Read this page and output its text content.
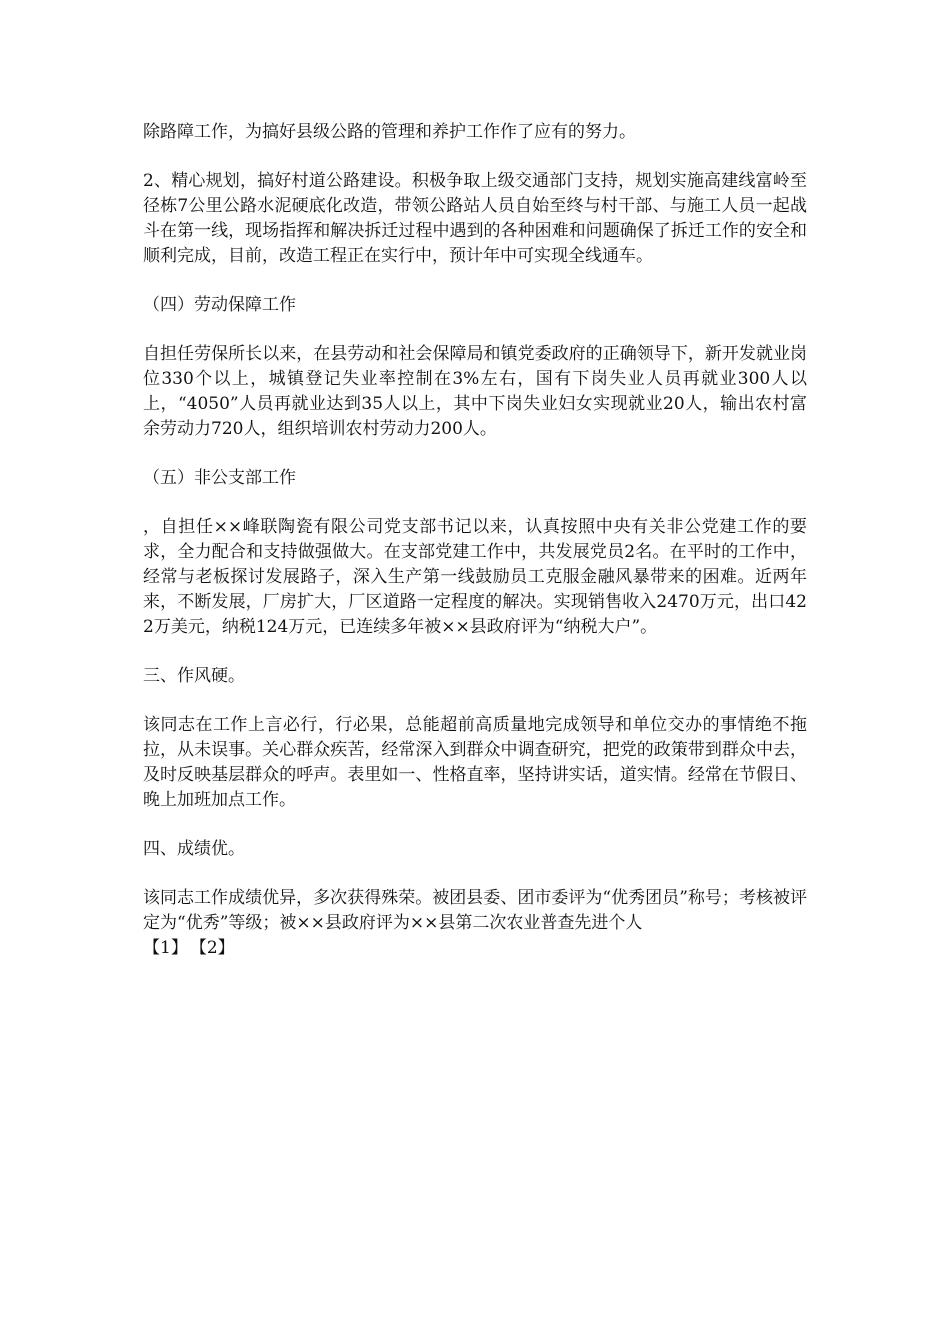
除路障工作，为搞好县级公路的管理和养护工作作了应有的努力。

2、精心规划，搞好村道公路建设。积极争取上级交通部门支持，规划实施高建线富岭至径栋7公里公路水泥硬底化改造，带领公路站人员自始至终与村干部、与施工人员一起战斗在第一线，现场指挥和解决拆迁过程中遇到的各种困难和问题确保了拆迁工作的安全和顺利完成，目前，改造工程正在实行中，预计年中可实现全线通车。

（四）劳动保障工作

自担任劳保所长以来，在县劳动和社会保障局和镇党委政府的正确领导下，新开发就业岗位330个以上，城镇登记失业率控制在3%左右，国有下岗失业人员再就业300人以上，“4050”人员再就业达到35人以上，其中下岗失业妇女实现就业20人，输出农村富余劳动力720人，组织培训农村劳动力200人。

（五）非公支部工作

，自担任××峰联陶瓷有限公司党支部书记以来，认真按照中央有关非公党建工作的要求，全力配合和支持做强做大。在支部党建工作中，共发展党员2名。在平时的工作中，经常与老板探讨发展路子，深入生产第一线鼓励员工克服金融风暴带来的困难。近两年来，不断发展，厂房扩大，厂区道路一定程度的解决。实现销售收入2470万元，出口422万美元，纳税124万元，已连续多年被××县政府评为“纳税大户”。

三、作风硬。

该同志在工作上言必行，行必果，总能超前高质量地完成领导和单位交办的事情绝不拖拉，从未误事。关心群众疾苦，经常深入到群众中调查研究，把党的政策带到群众中去，及时反映基层群众的呼声。表里如一、性格直率，坚持讲实话，道实情。经常在节假日、晚上加班加点工作。

四、成绩优。

该同志工作成绩优异，多次获得殊荣。被团县委、团市委评为“优秀团员”称号；考核被评定为“优秀”等级；被××县政府评为××县第二次农业普查先进个人

【1】 【2】
